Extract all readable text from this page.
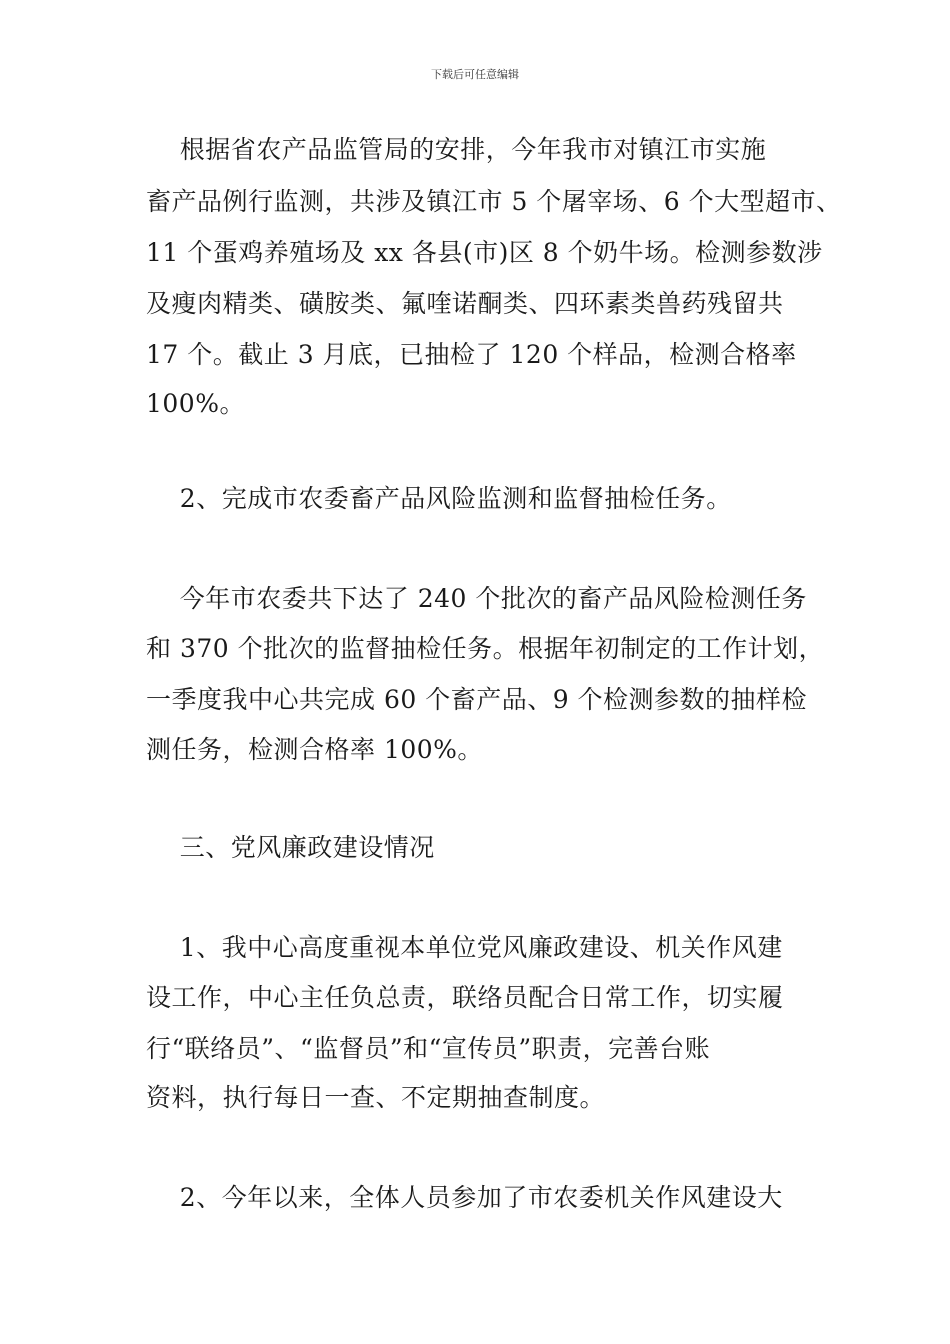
下载后可任意编辑
根据省农产品监管局的安排，今年我市对镇江市实施
畜产品例行监测，共涉及镇江市 5 个屠宰场、6 个大型超市、
11 个蛋鸡养殖场及 xx 各县(市)区 8 个奶牛场。检测参数涉
及瘦肉精类、磺胺类、氟喹诺酮类、四环素类兽药残留共
17 个。截止 3 月底，已抽检了 120 个样品，检测合格率
100%。
2、完成市农委畜产品风险监测和监督抽检任务。
今年市农委共下达了 240 个批次的畜产品风险检测任务
和 370 个批次的监督抽检任务。根据年初制定的工作计划，
一季度我中心共完成 60 个畜产品、9 个检测参数的抽样检
测任务，检测合格率 100%。
三、党风廉政建设情况
1、我中心高度重视本单位党风廉政建设、机关作风建
设工作，中心主任负总责，联络员配合日常工作，切实履
行“联络员”、“监督员”和“宣传员”职责，完善台账
资料，执行每日一查、不定期抽查制度。
2、今年以来，全体人员参加了市农委机关作风建设大
